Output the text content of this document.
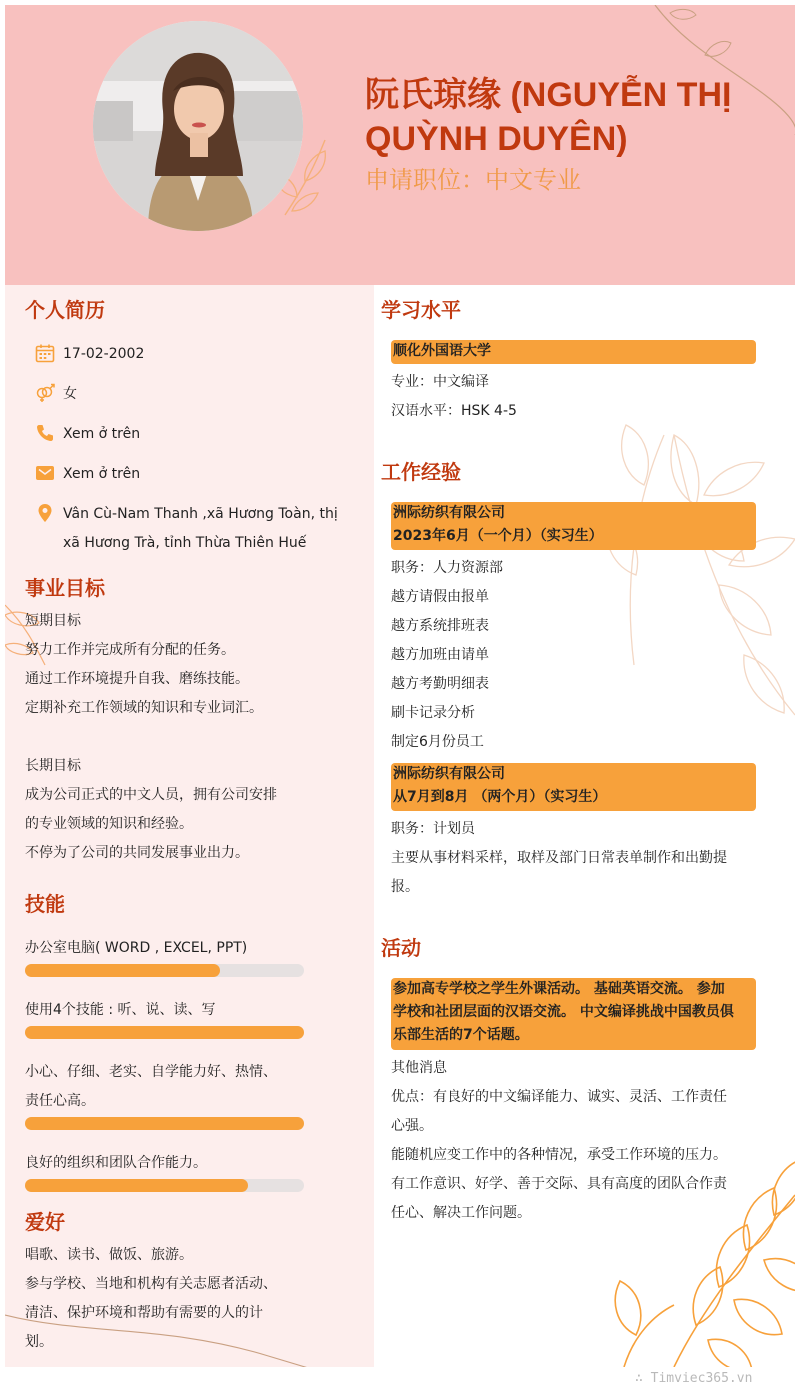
阮氏琼缘 (NGUYỄN THỊ QUỲNH DUYÊN)
申请职位：中文专业
个人简历
17-02-2002
女
Xem ở trên
Xem ở trên
Vân Cù-Nam Thanh ,xã Hương Toàn, thị
xã Hương Trà, tỉnh Thừa Thiên Huế
事业目标

短期目标

努力工作并完成所有分配的任务。

通过工作环境提升自我、磨练技能。

定期补充工作领域的知识和专业词汇。

长期目标

成为公司正式的中文人员，拥有公司安排

的专业领域的知识和经验。

不停为了公司的共同发展事业出力。

技能

办公室电脑( WORD , EXCEL, PPT)

使用4个技能 : 听、说、读、写

小心、仔细、老实、自学能力好、热情、

责任心高。

良好的组织和团队合作能力。

爱好

唱歌、读书、做饭、旅游。

参与学校、当地和机构有关志愿者活动、

清洁、保护环境和帮助有需要的人的计

划。

学习水平
顺化外国语大学

专业：中文编译

汉语水平：HSK 4-5

工作经验
洲际纺织有限公司
2023年6月（一个月）（实习生）

职务：人力资源部

越方请假由报单

越方系统排班表

越方加班由请单

越方考勤明细表

刷卡记录分析

制定6月份员工

洲际纺织有限公司
从7月到8月 （两个月）（实习生）

职务：计划员

主要从事材料采样，取样及部门日常表单制作和出勤提

报。

活动
参加高专学校之学生外课活动。 基础英语交流。 参加
学校和社团层面的汉语交流。 中文编译挑战中国教员俱
乐部生活的7个话题。

其他消息

优点：有良好的中文编译能力、诚实、灵活、工作责任

心强。

能随机应变工作中的各种情况，承受工作环境的压力。

有工作意识、好学、善于交际、具有高度的团队合作责

任心、解决工作问题。

∴ Timviec365.vn
